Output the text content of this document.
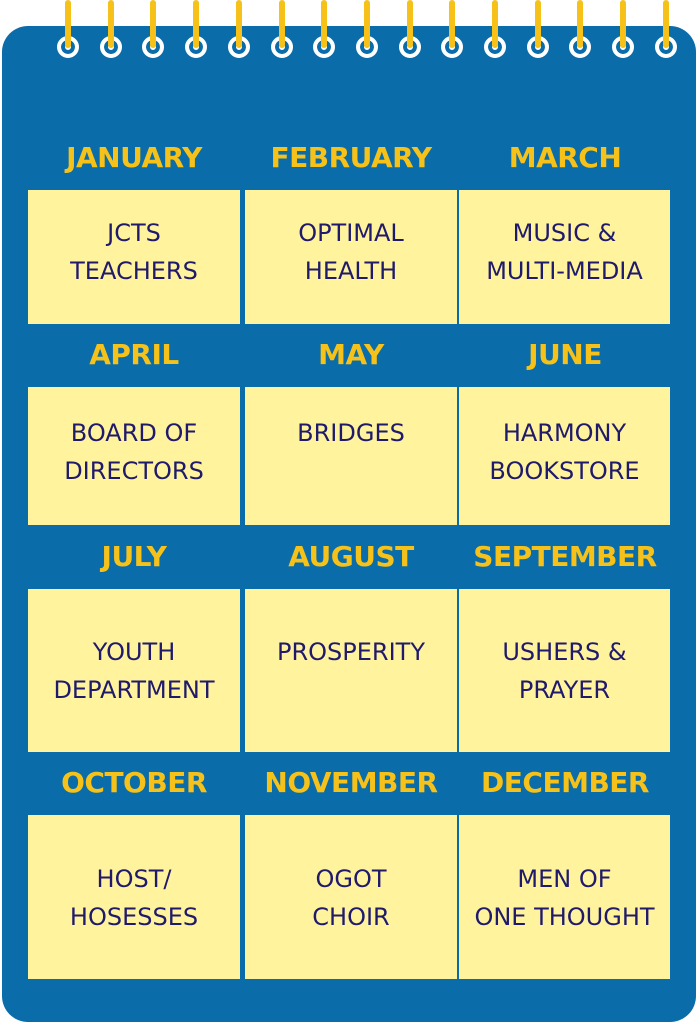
JANUARY
JCTS
TEACHERS
FEBRUARY
OPTIMAL
HEALTH
MARCH
MUSIC &
MULTI-MEDIA
APRIL
BOARD OF
DIRECTORS
MAY
BRIDGES
JUNE
HARMONY
BOOKSTORE
JULY
YOUTH
DEPARTMENT
AUGUST
PROSPERITY
SEPTEMBER
USHERS &
PRAYER
OCTOBER
HOST/
HOSESSES
NOVEMBER
OGOT
CHOIR
DECEMBER
MEN OF
ONE THOUGHT
